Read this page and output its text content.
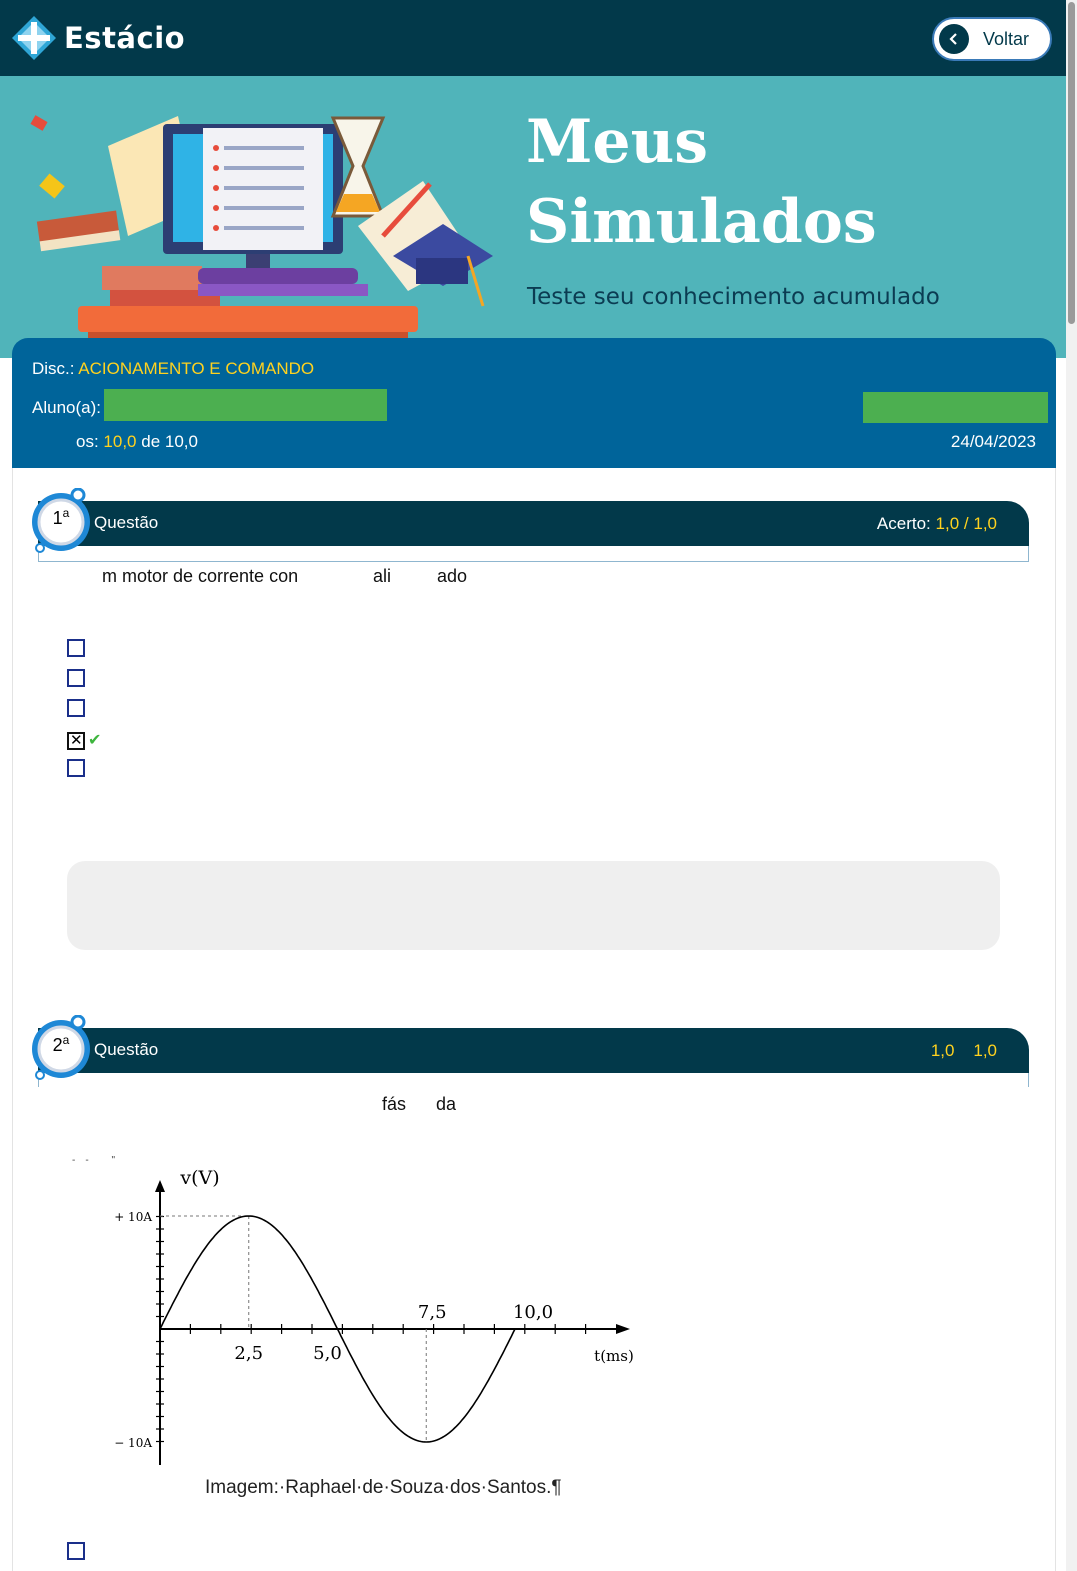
Estácio	Voltar
Meus
Simulados
Teste seu conhecimento acumulado
Disc.: ACIONAMENTO E COMANDO
Aluno(a):
os: 10,0 de 10,0	24/04/2023
Questão	Acerto: 1,0 / 1,0
1$^a$
m motor de corrente con	ali	ado
✕
✔
Questão	1,0 1,0
2$^a$
fás da
-- "
v(V)
t(ms)
2,5	5,0
7,5	10,0
+ 10A
− 10A
Imagem:·Raphael·de·Souza·dos·Santos.¶
